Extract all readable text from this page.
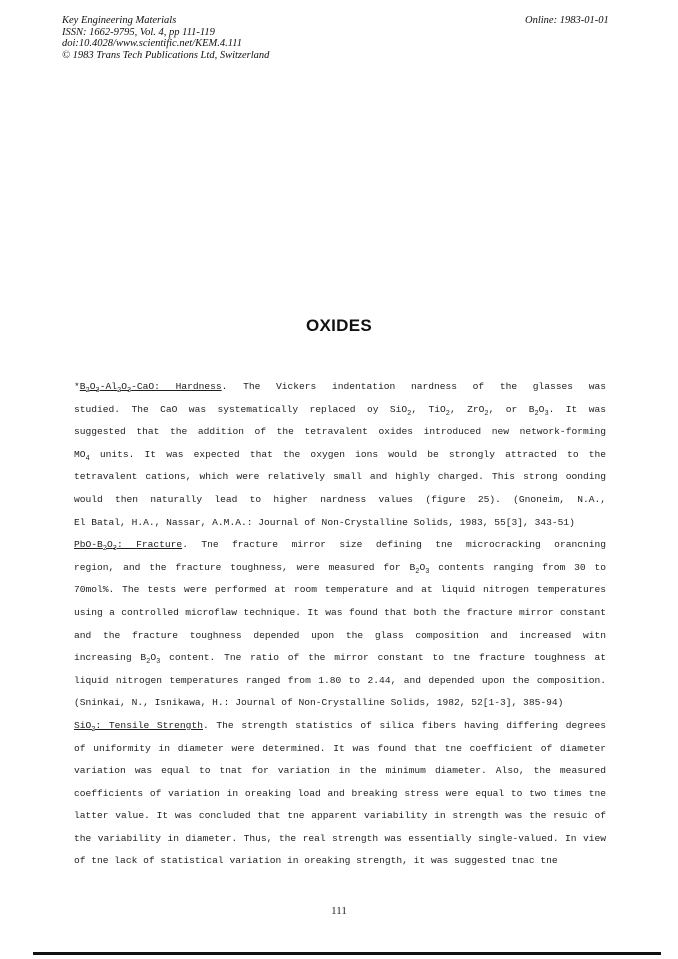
Key Engineering Materials
ISSN: 1662-9795, Vol. 4, pp 111-119
doi:10.4028/www.scientific.net/KEM.4.111
© 1983 Trans Tech Publications Ltd, Switzerland
Online: 1983-01-01
OXIDES
$*B_2O_3-Al_2O_3$-CaO: Hardness. The Vickers indentation nardness of the glasses was
studied. The CaO was systematically replaced oy SiO$_2$, TiO$_2$, ZrO$_2$, or $B_2O_3$. It was
suggested that the addition of the tetravalent oxides introduced new network-forming
$MO_4$ units. It was expected that the oxygen ions would be strongly attracted to the
tetravalent cations, which were relatively small and highly charged. This strong oonding
would then naturally lead to higher nardness values (figure 25). (Gnoneim, N.A.,
El Batal, H.A., Nassar, A.M.A.: Journal of Non-Crystalline Solids, 1983, 55[3], 343-51)
PbO-$B_2O_3$: Fracture. Tne fracture mirror size defining tne microcracking orancning
region, and the fracture toughness, were measured for $B_2O_3$ contents ranging from 30 to
70mol%. The tests were performed at room temperature and at liquid nitrogen temperatures
using a controlled microflaw technique. It was found that both the fracture mirror constant
and the fracture toughness depended upon the glass composition and increased witn
increasing $B_2O_3$ content. Tne ratio of the mirror constant to tne fracture toughness at
liquid nitrogen temperatures ranged from 1.80 to 2.44, and depended upon the composition.
(Sninkai, N., Isnikawa, H.: Journal of Non-Crystalline Solids, 1982, 52[1-3], 385-94)
SiO$_2$: Tensile Strength. The strength statistics of silica fibers having differing degrees
of uniformity in diameter were determined. It was found that tne coefficient of diameter
variation was equal to tnat for variation in the minimum diameter. Also, the measured
coefficients of variation in oreaking load and breaking stress were equal to two times tne
latter value. It was concluded that tne apparent variability in strength was the resuic of
the variability in diameter. Thus, the real strength was essentially single-valued. In view
of tne lack of statistical variation in oreaking strength, it was suggested tnac tne
111
